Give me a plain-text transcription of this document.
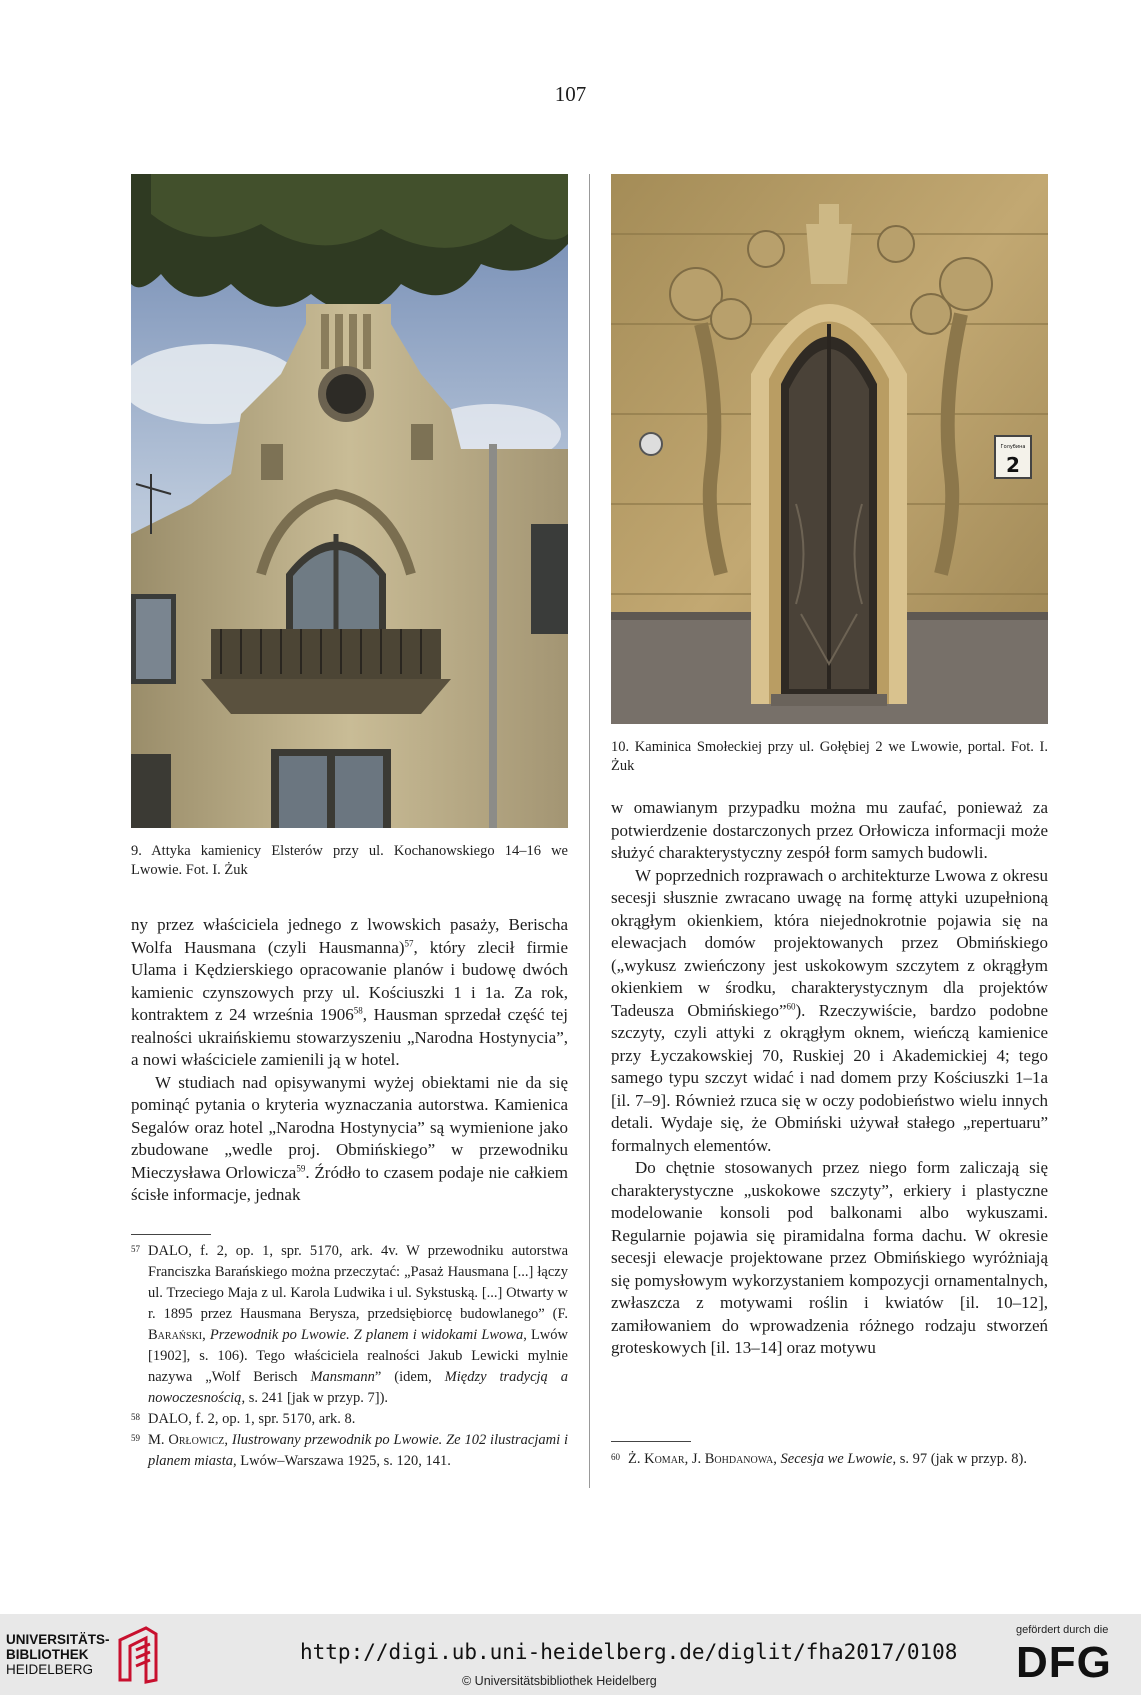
107
Голубина
2
9. Attyka kamienicy Elsterów przy ul. Kochanowskiego 14–16 we Lwowie. Fot. I. Żuk
10. Kaminica Smołeckiej przy ul. Gołębiej 2 we Lwowie, portal. Fot. I. Żuk

ny przez właściciela jednego z lwowskich pasaży, Berischa Wolfa Hausmana (czyli Hausmanna)$^{57}$, który zlecił firmie Ulama i Kędzierskiego opracowanie planów i budowę dwóch kamienic czynszowych przy ul. Kościuszki 1 i 1a. Za rok, kontraktem z 24 września 1906$^{58}$, Hausman sprzedał część tej realności ukraińskiemu stowarzyszeniu „Narodna Hostynycia”, a nowi właściciele zamienili ją w hotel.

W studiach nad opisywanymi wyżej obiektami nie da się pominąć pytania o kryteria wyznaczania autorstwa. Kamienica Segalów oraz hotel „Narodna Hostynycia” są wymienione jako zbudowane „wedle proj. Obmińskiego” w przewodniku Mieczysława Orlowicza$^{59}$. Źródło to czasem podaje nie całkiem ścisłe informacje, jednak

w omawianym przypadku można mu zaufać, ponieważ za potwierdzenie dostarczonych przez Orłowicza informacji może służyć charakterystyczny zespół form samych budowli.

W poprzednich rozprawach o architekturze Lwowa z okresu secesji słusznie zwracano uwagę na formę attyki uzupełnioną okrągłym okienkiem, która niejednokrotnie pojawia się na elewacjach domów projektowanych przez Obmińskiego („wykusz zwieńczony jest uskokowym szczytem z okrągłym okienkiem w środku, charakterystycznym dla projektów Tadeusza Obmińskiego”$^{60}$). Rzeczywiście, bardzo podobne szczyty, czyli attyki z okrągłym oknem, wieńczą kamienice przy Łyczakowskiej 70, Ruskiej 20 i Akademickiej 4; tego samego typu szczyt widać i nad domem przy Kościuszki 1–1a [il. 7–9]. Również rzuca się w oczy podobieństwo wielu innych detali. Wydaje się, że Obmiński używał stałego „repertuaru” formalnych elementów.

Do chętnie stosowanych przez niego form zaliczają się charakterystyczne „uskokowe szczyty”, erkiery i plastyczne modelowanie konsoli pod balkonami albo wykuszami. Regularnie pojawia się piramidalna forma dachu. W okresie secesji elewacje projektowane przez Obmińskiego wyróżniają się pomysłowym wykorzystaniem kompozycji ornamentalnych, zwłaszcza z motywami roślin i kwiatów [il. 10–12], zamiłowaniem do wprowadzenia różnego rodzaju stworzeń groteskowych [il. 13–14] oraz motywu

57 DALO, f. 2, op. 1, spr. 5170, ark. 4v. W przewodniku autorstwa Franciszka Barańskiego można przeczytać: „Pasaż Hausmana [...] łączy ul. Trzeciego Maja z ul. Karola Ludwika i ul. Sykstuską. [...] Otwarty w r. 1895 przez Hausmana Berysza, przedsiębiorcę budowlanego” (F. Barański, Przewodnik po Lwowie. Z planem i widokami Lwowa, Lwów [1902], s. 106). Tego właściciela realności Jakub Lewicki mylnie nazywa „Wolf Berisch Mansmann” (idem, Między tradycją a nowoczesnością, s. 241 [jak w przyp. 7]).
58 DALO, f. 2, op. 1, spr. 5170, ark. 8.
59 M. Orłowicz, Ilustrowany przewodnik po Lwowie. Ze 102 ilustracjami i planem miasta, Lwów–Warszawa 1925, s. 120, 141.	60 Ż. Komar, J. Bohdanowa, Secesja we Lwowie, s. 97 (jak w przyp. 8).
UNIVERSITÄTS-
BIBLIOTHEK
HEIDELBERG
http://digi.ub.uni-heidelberg.de/diglit/fha2017/0108
© Universitätsbibliothek Heidelberg
gefördert durch die
DFG
